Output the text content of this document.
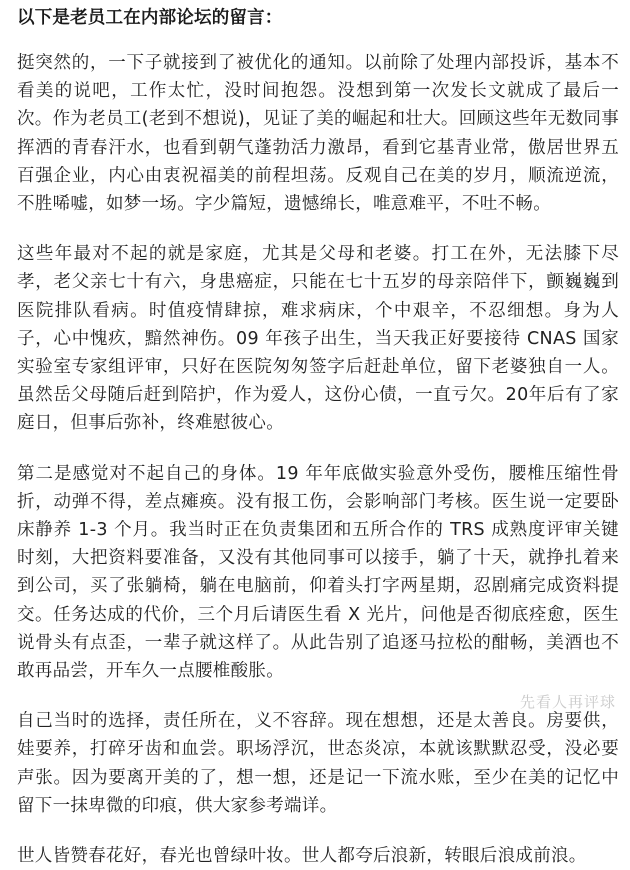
以下是老员工在内部论坛的留言：

挺突然的，一下子就接到了被优化的通知。以前除了处理内部投诉，基本不看美的说吧，工作太忙，没时间抱怨。没想到第一次发长文就成了最后一次。作为老员工(老到不想说)，见证了美的崛起和壮大。回顾这些年无数同事挥洒的青春汗水，也看到朝气蓬勃活力激昂，看到它基青业常，傲居世界五百强企业，内心由衷祝福美的前程坦荡。反观自己在美的岁月，顺流逆流，不胜唏嘘，如梦一场。字少篇短，遗憾绵长，唯意难平，不吐不畅。

这些年最对不起的就是家庭，尤其是父母和老婆。打工在外，无法膝下尽孝，老父亲七十有六，身患癌症，只能在七十五岁的母亲陪伴下，颤巍巍到医院排队看病。时值疫情肆掠，难求病床，个中艰辛，不忍细想。身为人子，心中愧疚，黯然神伤。09 年孩子出生，当天我正好要接待 CNAS 国家实验室专家组评审，只好在医院匆匆签字后赶赴单位，留下老婆独自一人。虽然岳父母随后赶到陪护，作为爱人，这份心债，一直亏欠。20年后有了家庭日，但事后弥补，终难慰彼心。

第二是感觉对不起自己的身体。19 年年底做实验意外受伤，腰椎压缩性骨折，动弹不得，差点瘫痪。没有报工伤，会影响部门考核。医生说一定要卧床静养 1-3 个月。我当时正在负责集团和五所合作的 TRS 成熟度评审关键时刻，大把资料要准备，又没有其他同事可以接手，躺了十天，就挣扎着来到公司，买了张躺椅，躺在电脑前，仰着头打字两星期，忍剧痛完成资料提交。任务达成的代价，三个月后请医生看 X 光片，问他是否彻底痊愈，医生说骨头有点歪，一辈子就这样了。从此告别了追逐马拉松的酣畅，美酒也不敢再品尝，开车久一点腰椎酸胀。

自己当时的选择，责任所在，义不容辞。现在想想，还是太善良。房要供，娃要养，打碎牙齿和血尝。职场浮沉，世态炎凉，本就该默默忍受，没必要声张。因为要离开美的了，想一想，还是记一下流水账，至少在美的记忆中留下一抹卑微的印痕，供大家参考端详。

世人皆赞春花好，春光也曾绿叶妆。世人都夸后浪新，转眼后浪成前浪。

先看人再评球
